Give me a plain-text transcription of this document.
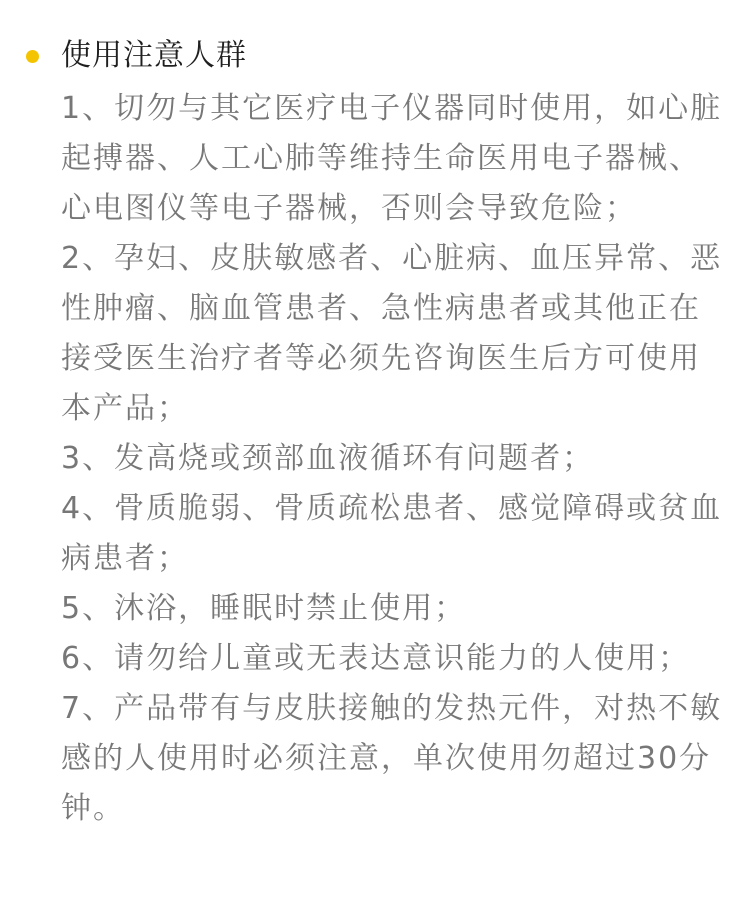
使用注意人群

1、切勿与其它医疗电子仪器同时使用，如心脏起搏器、人工心肺等维持生命医用电子器械、心电图仪等电子器械，否则会导致危险；

2、孕妇、皮肤敏感者、心脏病、血压异常、恶性肿瘤、脑血管患者、急性病患者或其他正在接受医生治疗者等必须先咨询医生后方可使用本产品；

3、发高烧或颈部血液循环有问题者；

4、骨质脆弱、骨质疏松患者、感觉障碍或贫血病患者；

5、沐浴，睡眠时禁止使用；

6、请勿给儿童或无表达意识能力的人使用；

7、产品带有与皮肤接触的发热元件，对热不敏感的人使用时必须注意，单次使用勿超过30分钟。
